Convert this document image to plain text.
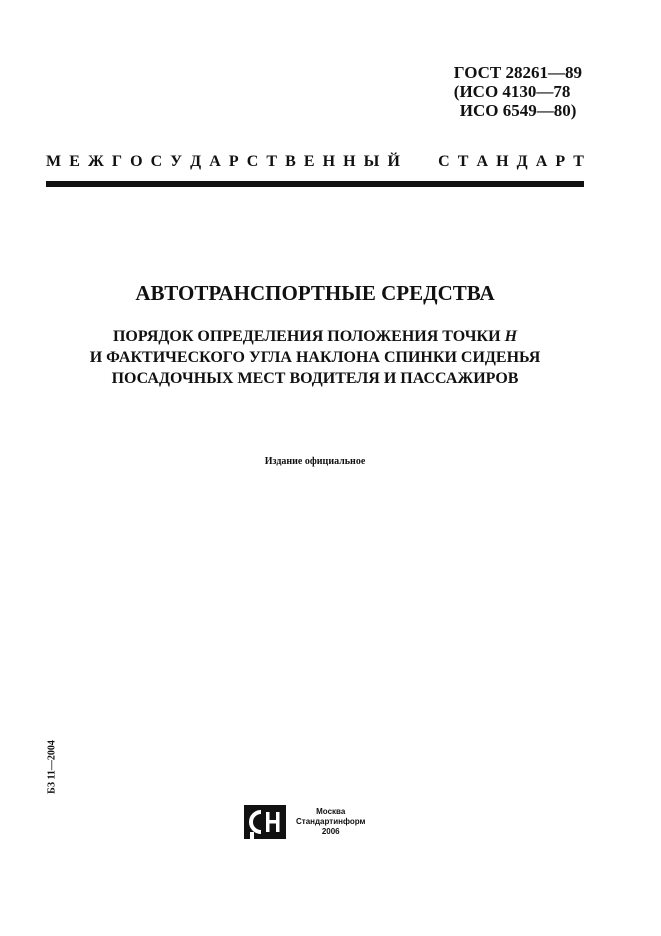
ГОСТ 28261—89
(ИСО 4130—78
ИСО 6549—80)
М Е Ж Г О С У Д А Р С Т В Е Н Н Ы Й С Т А Н Д А Р Т
АВТОТРАНСПОРТНЫЕ СРЕДСТВА
ПОРЯДОК ОПРЕДЕЛЕНИЯ ПОЛОЖЕНИЯ ТОЧКИ H
И ФАКТИЧЕСКОГО УГЛА НАКЛОНА СПИНКИ СИДЕНЬЯ
ПОСАДОЧНЫХ МЕСТ ВОДИТЕЛЯ И ПАССАЖИРОВ
Издание официальное
БЗ 11—2004
Москва
Стандартинформ
2006
